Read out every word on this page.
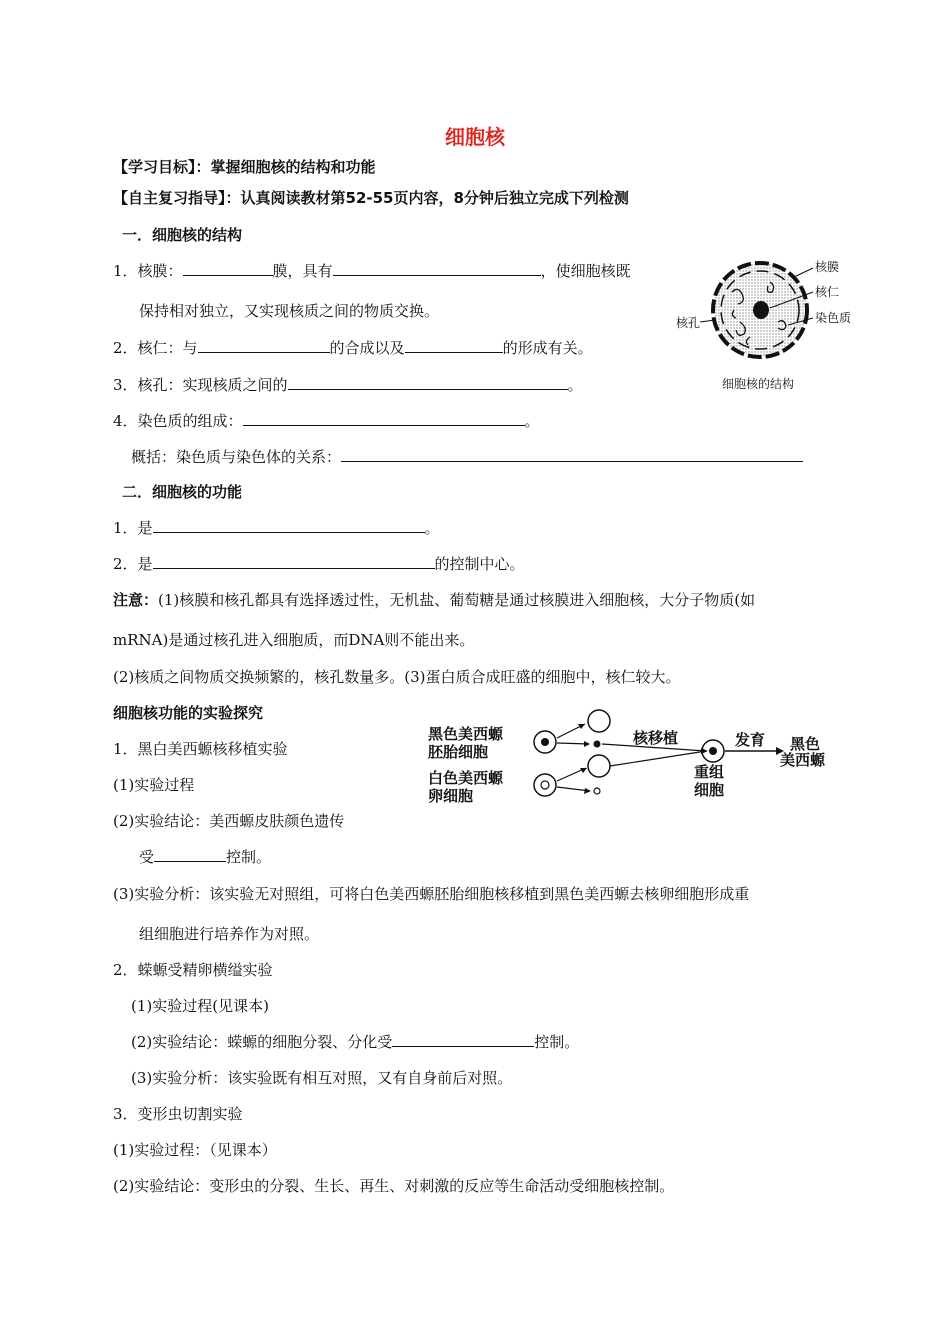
细胞核
【学习目标】：掌握细胞核的结构和功能
【自主复习指导】：认真阅读教材第52-55页内容，8分钟后独立完成下列检测
一．细胞核的结构
1．核膜：	膜，具有	，使细胞核既
保持相对独立，又实现核质之间的物质交换。
2．核仁：与	的合成以及	的形成有关。
3．核孔：实现核质之间的	。
4．染色质的组成：	。
概括：染色质与染色体的关系：
核膜
核仁
染色质
核孔
细胞核的结构
二．细胞核的功能
1．是	。
2．是	的控制中心。
注意：(1)核膜和核孔都具有选择透过性，无机盐、葡萄糖是通过核膜进入细胞核，大分子物质(如
mRNA)是通过核孔进入细胞质，而DNA则不能出来。
(2)核质之间物质交换频繁的，核孔数量多。(3)蛋白质合成旺盛的细胞中，核仁较大。
细胞核功能的实验探究
1．黑白美西螈核移植实验
(1)实验过程
(2)实验结论：美西螈皮肤颜色遗传
受	控制。
(3)实验分析：该实验无对照组，可将白色美西螈胚胎细胞核移植到黑色美西螈去核卵细胞形成重
组细胞进行培养作为对照。
黑色美西螈
胚胎细胞
白色美西螈
卵细胞
核移植
重组
细胞
发育 黑色
美西螈
2．蝾螈受精卵横缢实验
(1)实验过程(见课本)
(2)实验结论：蝾螈的细胞分裂、分化受	控制。
(3)实验分析：该实验既有相互对照，又有自身前后对照。
3．变形虫切割实验
(1)实验过程：（见课本）
(2)实验结论：变形虫的分裂、生长、再生、对刺激的反应等生命活动受细胞核控制。
